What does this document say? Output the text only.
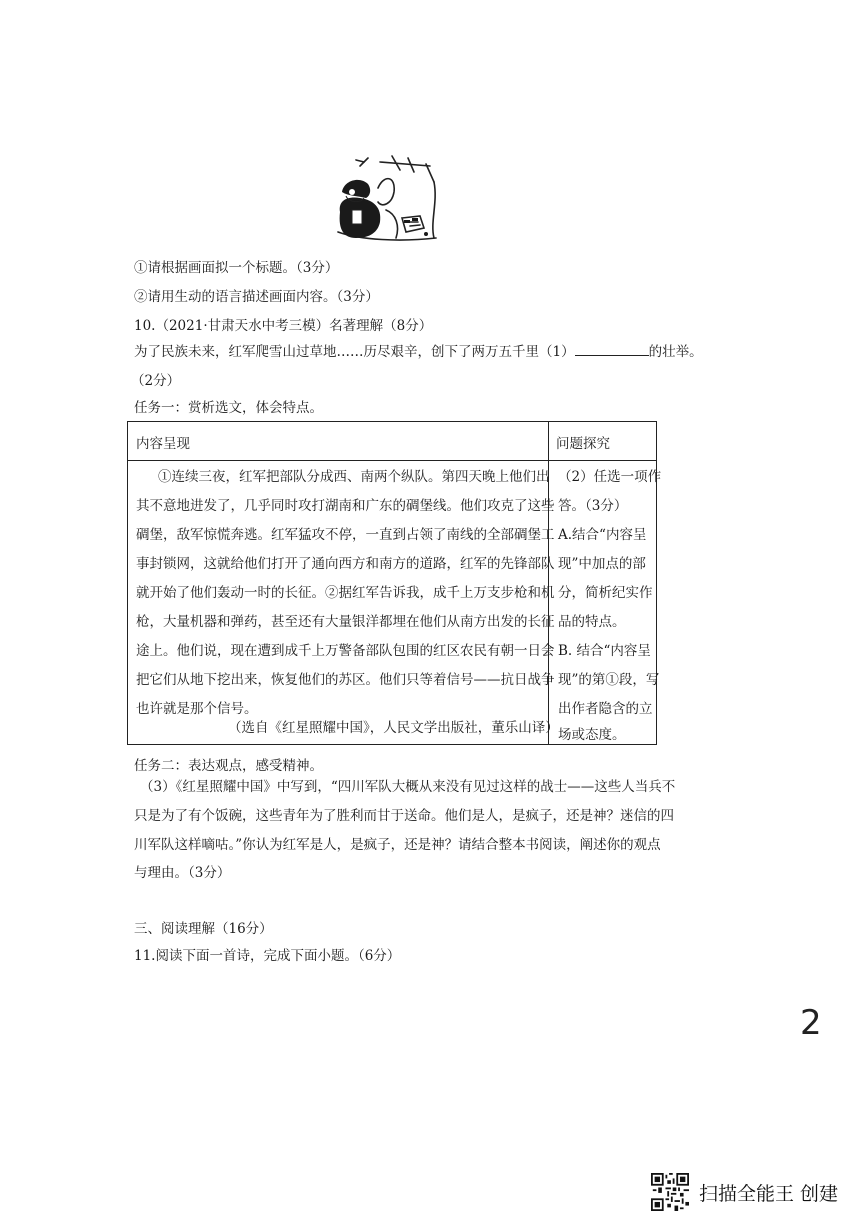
①请根据画面拟一个标题。（3分）
②请用生动的语言描述画面内容。（3分）
10.（2021·甘肃天水中考三模）名著理解（8分）
为了民族未来，红军爬雪山过草地……历尽艰辛，创下了两万五千里（1）	的壮举。
（2分）
任务一：赏析选文，体会特点。
内容呈现	问题探究
①连续三夜，红军把部队分成西、南两个纵队。第四天晚上他们出
其不意地进发了，几乎同时攻打湖南和广东的碉堡线。他们攻克了这些
碉堡，敌军惊慌奔逃。红军猛攻不停，一直到占领了南线的全部碉堡工
事封锁网，这就给他们打开了通向西方和南方的道路，红军的先锋部队
就开始了他们轰动一时的长征。②据红军告诉我，成千上万支步枪和机
枪，大量机器和弹药，甚至还有大量银洋都埋在他们从南方出发的长征
途上。他们说，现在遭到成千上万警备部队包围的红区农民有朝一日会
把它们从地下挖出来，恢复他们的苏区。他们只等着信号——抗日战争
也许就是那个信号。
（选自《红星照耀中国》，人民文学出版社，董乐山译）
（2）任选一项作
答。（3分）
A.结合“内容呈
现”中加点的部
分，简析纪实作
品的特点。
B. 结合“内容呈
现”的第①段，写
出作者隐含的立
场或态度。
任务二：表达观点，感受精神。
（3）《红星照耀中国》中写到，“四川军队大概从来没有见过这样的战士——这些人当兵不
只是为了有个饭碗，这些青年为了胜利而甘于送命。他们是人，是疯子，还是神？迷信的四
川军队这样嘀咕。”你认为红军是人，是疯子，还是神？请结合整本书阅读，阐述你的观点
与理由。（3分）
三、阅读理解（16分）
11.阅读下面一首诗，完成下面小题。（6分）
2
扫描全能王 创建
